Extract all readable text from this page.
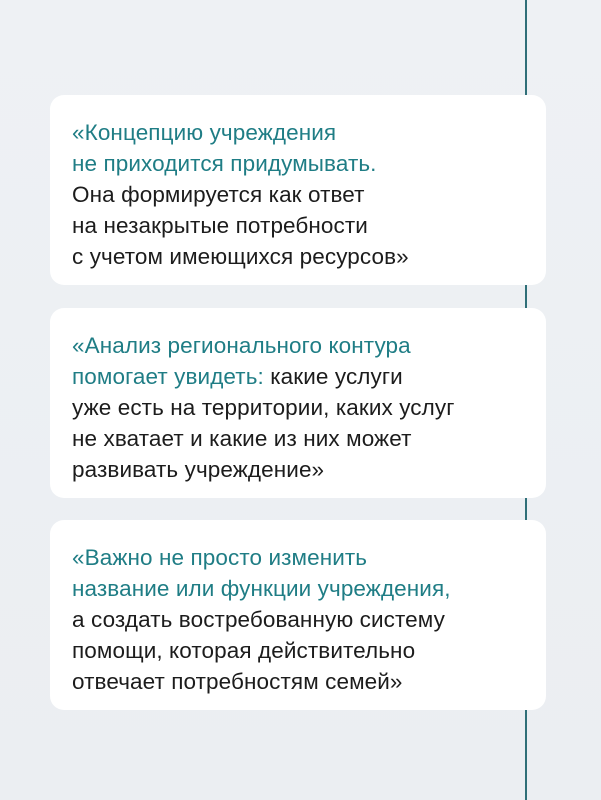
«Концепцию учреждения
не приходится придумывать.
Она формируется как ответ
на незакрытые потребности
с учетом имеющихся ресурсов»

«Анализ регионального контура
помогает увидеть: какие услуги
уже есть на территории, каких услуг
не хватает и какие из них может
развивать учреждение»

«Важно не просто изменить
название или функции учреждения,
а создать востребованную систему
помощи, которая действительно
отвечает потребностям семей»
